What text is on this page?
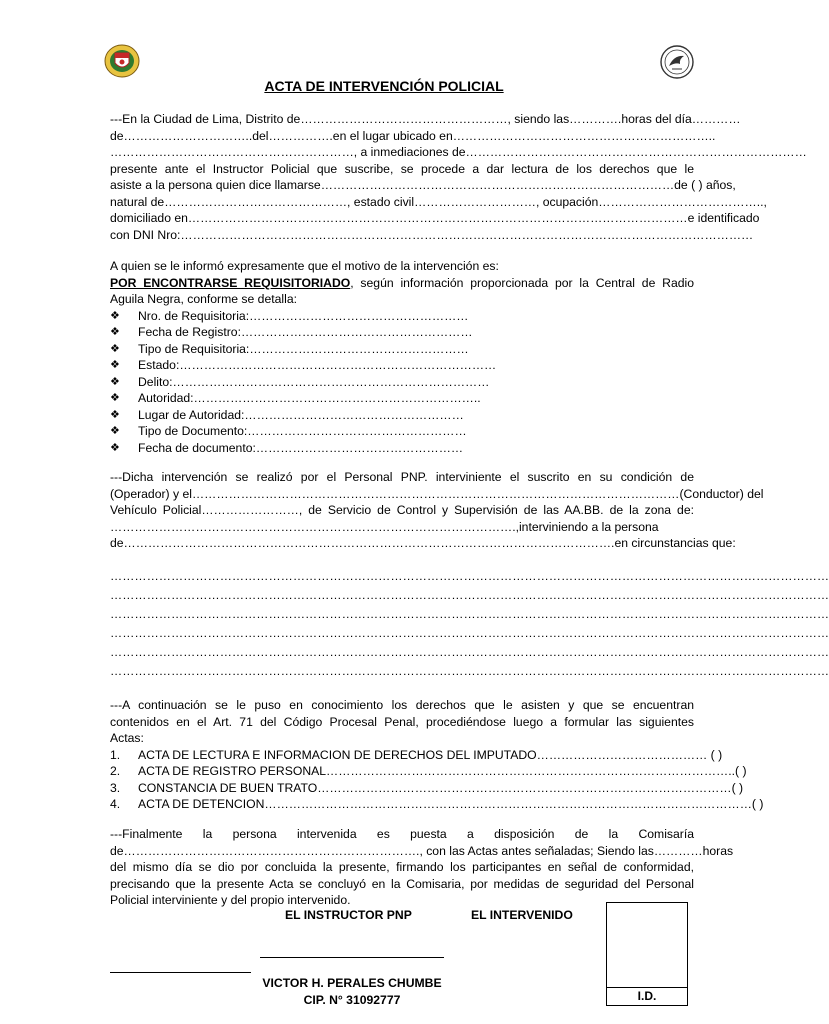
ACTA DE INTERVENCIÓN POLICIAL
---En la Ciudad de Lima, Distrito de……………………………………………, siendo las………….horas del día…………
de…………………………..del…………….en el lugar ubicado en………………………………………………………..
……………………………………………………, a inmediaciones de…………………………………………………………………………
presente ante el Instructor Policial que suscribe, se procede a dar lectura de los derechos que le
asiste a la persona quien dice llamarse……………………………………………………………………………de ( ) años,
natural de………………………………………, estado civil…………………………, ocupación…………………………………..,
domiciliado en……………………………………………………………………………………………………………e identificado
con DNI Nro:……………………………………………………………………………………………………………………………
A quien se le informó expresamente que el motivo de la intervención es:
POR ENCONTRARSE REQUISITORIADO, según información proporcionada por la Central de Radio
Aguila Negra, conforme se detalla:
❖ Nro. de Requisitoria:………………………………………………
❖ Fecha de Registro:…………………………………………………
❖ Tipo de Requisitoria:………………………………………………
❖ Estado:……………………………………………………………………
❖ Delito:……………………………………………………………………
❖ Autoridad:……………………………………………………………..
❖ Lugar de Autoridad:………………………………………………
❖ Tipo de Documento:………………………………………………
❖ Fecha de documento:……………………………………………
---Dicha intervención se realizó por el Personal PNP. interviniente el suscrito en su condición de
(Operador) y el…………………………………………………………………………………………………………(Conductor) del
Vehículo Policial……………………, de Servicio de Control y Supervisión de las AA.BB. de la zona de:
……………………………………………………………………………………….,interviniendo a la persona
de………………………………………………………………………………………………………….en circunstancias que:
……………………………………………………………………………………………………………………………………………………………
……………………………………………………………………………………………………………………………………………………………
……………………………………………………………………………………………………………………………………………………………
……………………………………………………………………………………………………………………………………………………………
……………………………………………………………………………………………………………………………………………………………
……………………………………………………………………………………………………………………………………………………………
---A continuación se le puso en conocimiento los derechos que le asisten y que se encuentran
contenidos en el Art. 71 del Código Procesal Penal, procediéndose luego a formular las siguientes
Actas:
1. ACTA DE LECTURA E INFORMACION DE DERECHOS DEL IMPUTADO…………………………………… ( )
2. ACTA DE REGISTRO PERSONAL………………………………………………………………………………………..( )
3. CONSTANCIA DE BUEN TRATO…………………………………………………………………………………………( )
4. ACTA DE DETENCION…………………………………………………………………………………………………………( )
---Finalmente la persona intervenida es puesta a disposición de la Comisaría
de………………………………………………………………., con las Actas antes señaladas; Siendo las…………horas
del mismo día se dio por concluida la presente, firmando los participantes en señal de conformidad,
precisando que la presente Acta se concluyó en la Comisaria, por medidas de seguridad del Personal
Policial interviniente y del propio intervenido.
EL INSTRUCTOR PNP	EL INTERVENIDO
VICTOR H. PERALES CHUMBE
CIP. N° 31092777	I.D.
